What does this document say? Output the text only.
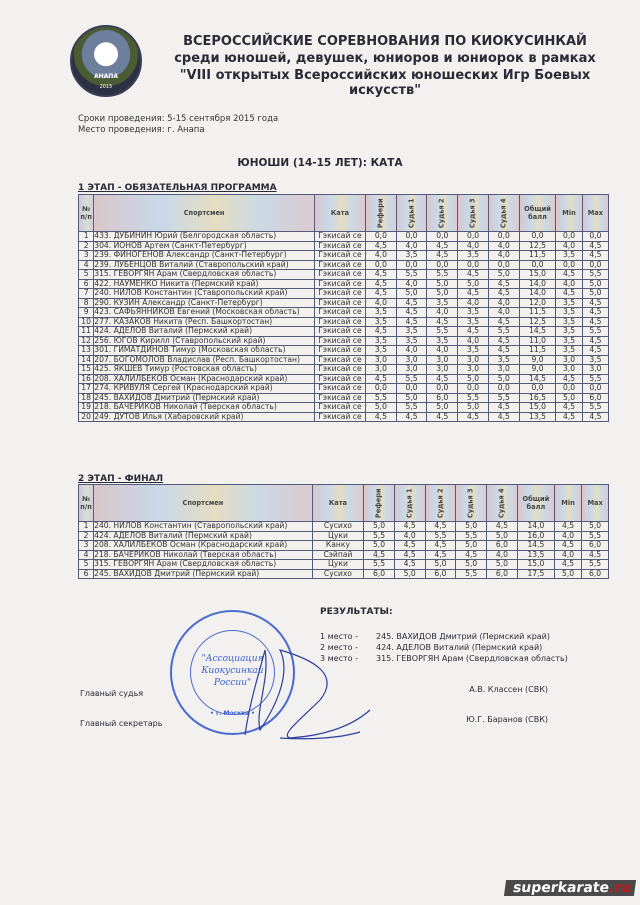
АНАПА
2015
ВСЕРОССИЙСКИЕ СОРЕВНОВАНИЯ ПО КИОКУСИНКАЙ
среди юношей, девушек, юниоров и юниорок в рамках
"VIII открытых Всероссийских юношеских Игр Боевых искусств"
Сроки проведения: 5-15 сентября 2015 года
Место проведения: г. Анапа
ЮНОШИ (14-15 ЛЕТ): КАТА
1 ЭТАП - ОБЯЗАТЕЛЬНАЯ ПРОГРАММА
№ п/п	Спортсмен	Ката	Рефери	Судья 1	Судья 2	Судья 3	Судья 4	Общий балл	Min	Max
1	433. ДУБИНИН Юрий (Белгородская область)	Гэкисай се	0,0	0,0	0,0	0,0	0,0	0,0	0,0	0,0
2	304. ИОНОВ Артем (Санкт-Петербург)	Гэкисай се	4,5	4,0	4,5	4,0	4,0	12,5	4,0	4,5
3	239. ФИНОГЕНОВ Александр (Санкт-Петербург)	Гэкисай се	4,0	3,5	4,5	3,5	4,0	11,5	3,5	4,5
4	239. ЛУБЕНЦОВ Виталий (Ставропольский край)	Гэкисай се	0,0	0,0	0,0	0,0	0,0	0,0	0,0	0,0
5	315. ГЕВОРГЯН Арам (Свердловская область)	Гэкисай се	4,5	5,5	5,5	4,5	5,0	15,0	4,5	5,5
6	422. НАУМЕНКО Никита (Пермский край)	Гэкисай се	4,5	4,0	5,0	5,0	4,5	14,0	4,0	5,0
7	240. НИЛОВ Константин (Ставропольский край)	Гэкисай се	4,5	5,0	5,0	4,5	4,5	14,0	4,5	5,0
8	290. КУЗИН Александр (Санкт-Петербург)	Гэкисай се	4,0	4,5	3,5	4,0	4,0	12,0	3,5	4,5
9	423. САФЬЯННИКОВ Евгений (Московская область)	Гэкисай се	3,5	4,5	4,0	3,5	4,0	11,5	3,5	4,5
10	277. КАЗАКОВ Никита (Респ. Башкортостан)	Гэкисай се	3,5	4,5	4,5	3,5	4,5	12,5	3,5	4,5
11	424. АДЕЛОВ Виталий (Пермский край)	Гэкисай се	4,5	3,5	5,5	4,5	5,5	14,5	3,5	5,5
12	256. ЮГОВ Кирилл (Ставропольский край)	Гэкисай се	3,5	3,5	3,5	4,0	4,5	11,0	3,5	4,5
13	301. ГИМАТДИНОВ Тимур (Московская область)	Гэкисай се	3,5	4,0	4,0	3,5	4,5	11,5	3,5	4,5
14	207. БОГОМОЛОВ Владислав (Респ. Башкортостан)	Гэкисай се	3,0	3,0	3,0	3,0	3,5	9,0	3,0	3,5
15	425. ЯКШЕВ Тимур (Ростовская область)	Гэкисай се	3,0	3,0	3,0	3,0	3,0	9,0	3,0	3,0
16	208. ХАЛИЛБЕКОВ Осман (Краснодарский край)	Гэкисай се	4,5	5,5	4,5	5,0	5,0	14,5	4,5	5,5
17	274. КРИВУЛЯ Сергей (Краснодарский край)	Гэкисай се	0,0	0,0	0,0	0,0	0,0	0,0	0,0	0,0
18	245. ВАХИДОВ Дмитрий (Пермский край)	Гэкисай се	5,5	5,0	6,0	5,5	5,5	16,5	5,0	6,0
19	218. БАЧЕРИКОВ Николай (Тверская область)	Гэкисай се	5,0	5,5	5,0	5,0	4,5	15,0	4,5	5,5
20	249. ДУТОВ Илья (Хабаровский край)	Гэкисай се	4,5	4,5	4,5	4,5	4,5	13,5	4,5	4,5
2 ЭТАП - ФИНАЛ
№ п/п	Спортсмен	Ката	Рефери	Судья 1	Судья 2	Судья 3	Судья 4	Общий балл	Min	Max
1	240. НИЛОВ Константин (Ставропольский край)	Сусихо	5,0	4,5	4,5	5,0	4,5	14,0	4,5	5,0
2	424. АДЕЛОВ Виталий (Пермский край)	Цуки	5,5	4,0	5,5	5,5	5,0	16,0	4,0	5,5
3	208. ХАЛИЛБЕКОВ Осман (Краснодарский край)	Канку	5,0	4,5	4,5	5,0	6,0	14,5	4,5	6,0
4	218. БАЧЕРИКОВ Николай (Тверская область)	Сэйпай	4,5	4,5	4,5	4,5	4,0	13,5	4,0	4,5
5	315. ГЕВОРГЯН Арам (Свердловская область)	Цуки	5,5	4,5	5,0	5,0	5,0	15,0	4,5	5,5
6	245. ВАХИДОВ Дмитрий (Пермский край)	Сусихо	6,0	5,0	6,0	5,5	6,0	17,5	5,0	6,0
РЕЗУЛЬТАТЫ:
1 место - 245. ВАХИДОВ Дмитрий (Пермский край)
2 место - 424. АДЕЛОВ Виталий (Пермский край)
3 место - 315. ГЕВОРГЯН Арам (Свердловская область)
"Ассоциация
Киокусинкай
России"
• г. Москва •
Главный судья	А.В. Классен (СВК)
Главный секретарь	Ю.Г. Баранов (СВК)
superkarate.ru
